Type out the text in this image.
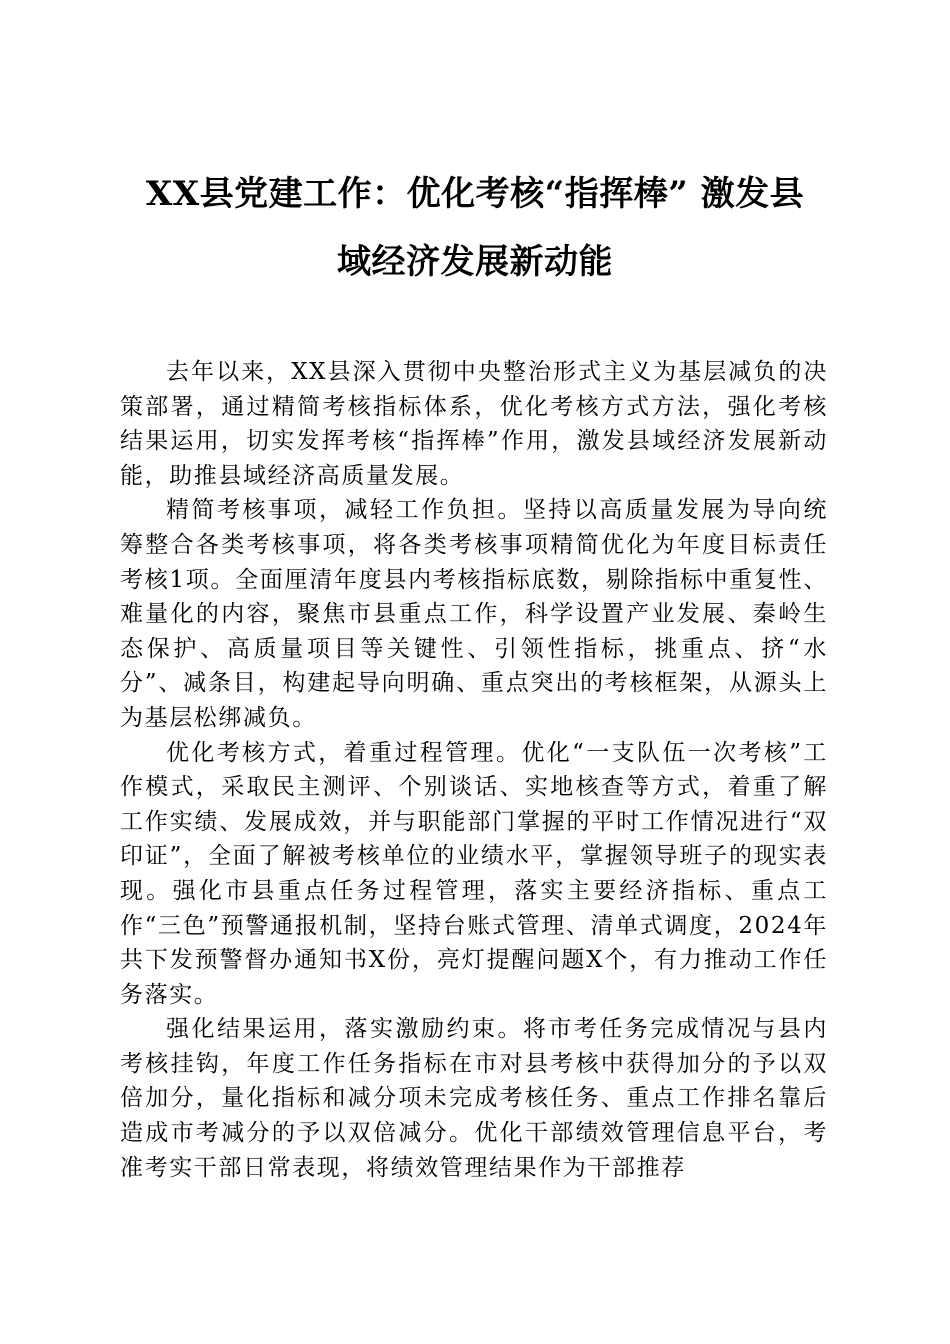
XX县党建工作：优化考核“指挥棒” 激发县
域经济发展新动能

去年以来，XX县深入贯彻中央整治形式主义为基层减负的决策部署，通过精简考核指标体系，优化考核方式方法，强化考核结果运用，切实发挥考核“指挥棒”作用，激发县域经济发展新动能，助推县域经济高质量发展。

精简考核事项，减轻工作负担。坚持以高质量发展为导向统筹整合各类考核事项，将各类考核事项精简优化为年度目标责任考核1项。全面厘清年度县内考核指标底数，剔除指标中重复性、难量化的内容，聚焦市县重点工作，科学设置产业发展、秦岭生态保护、高质量项目等关键性、引领性指标，挑重点、挤“水分”、减条目，构建起导向明确、重点突出的考核框架，从源头上为基层松绑减负。

优化考核方式，着重过程管理。优化“一支队伍一次考核”工作模式，采取民主测评、个别谈话、实地核查等方式，着重了解工作实绩、发展成效，并与职能部门掌握的平时工作情况进行“双印证”，全面了解被考核单位的业绩水平，掌握领导班子的现实表现。强化市县重点任务过程管理，落实主要经济指标、重点工作“三色”预警通报机制，坚持台账式管理、清单式调度，2024年共下发预警督办通知书X份，亮灯提醒问题X个，有力推动工作任务落实。

强化结果运用，落实激励约束。将市考任务完成情况与县内考核挂钩，年度工作任务指标在市对县考核中获得加分的予以双倍加分，量化指标和减分项未完成考核任务、重点工作排名靠后造成市考减分的予以双倍减分。优化干部绩效管理信息平台，考准考实干部日常表现，将绩效管理结果作为干部推荐
